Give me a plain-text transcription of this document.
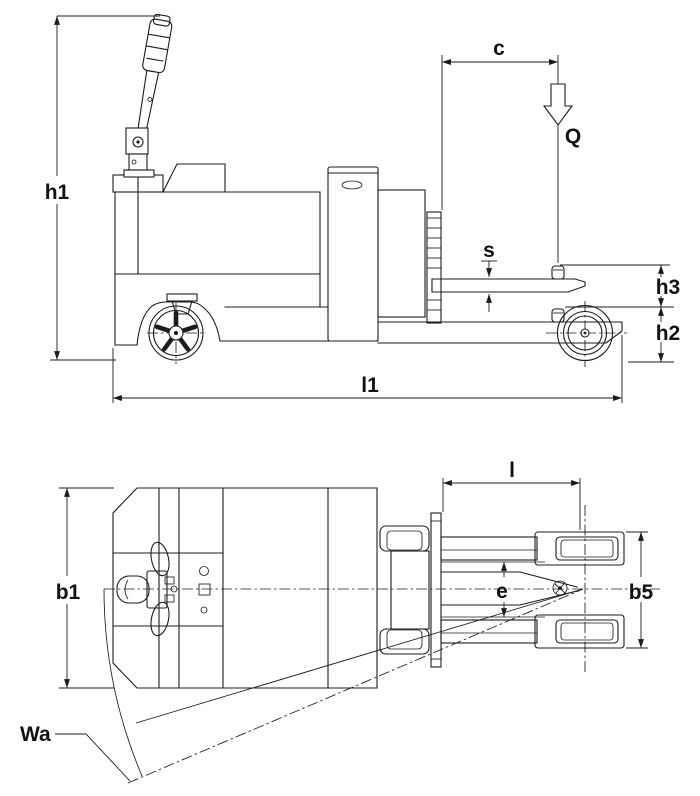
h1
c
Q
s
h3
h2
l1
b1
Wa
l
e	b5
